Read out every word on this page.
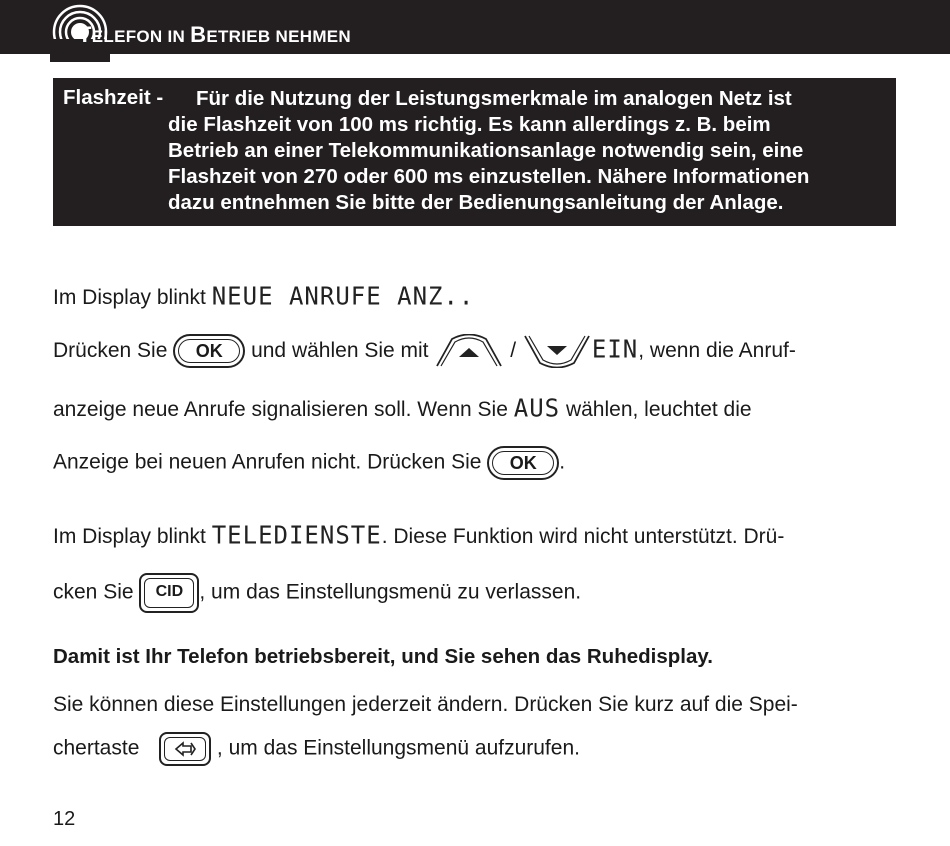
TELEFON IN BETRIEB NEHMEN
Flashzeit - Für die Nutzung der Leistungsmerkmale im analogen Netz ist
die Flashzeit von 100 ms richtig. Es kann allerdings z. B. beim
Betrieb an einer Telekommunikationsanlage notwendig sein, eine
Flashzeit von 270 oder 600 ms einzustellen. Nähere Informationen
dazu entnehmen Sie bitte der Bedienungsanleitung der Anlage.
Im Display blinkt NEUE ANRUFE ANZ..
Drücken Sie	OK	und wählen Sie mit	/	EIN, wenn die Anruf-
anzeige neue Anrufe signalisieren soll. Wenn Sie AUS wählen, leuchtet die
Anzeige bei neuen Anrufen nicht. Drücken Sie	OK	.
Im Display blinkt TELEDIENSTE. Diese Funktion wird nicht unterstützt. Drü-
cken Sie	CID , um das Einstellungsmenü zu verlassen.
Damit ist Ihr Telefon betriebsbereit, und Sie sehen das Ruhedisplay.
Sie können diese Einstellungen jederzeit ändern. Drücken Sie kurz auf die Spei-
chertaste	, um das Einstellungsmenü aufzurufen.
12
